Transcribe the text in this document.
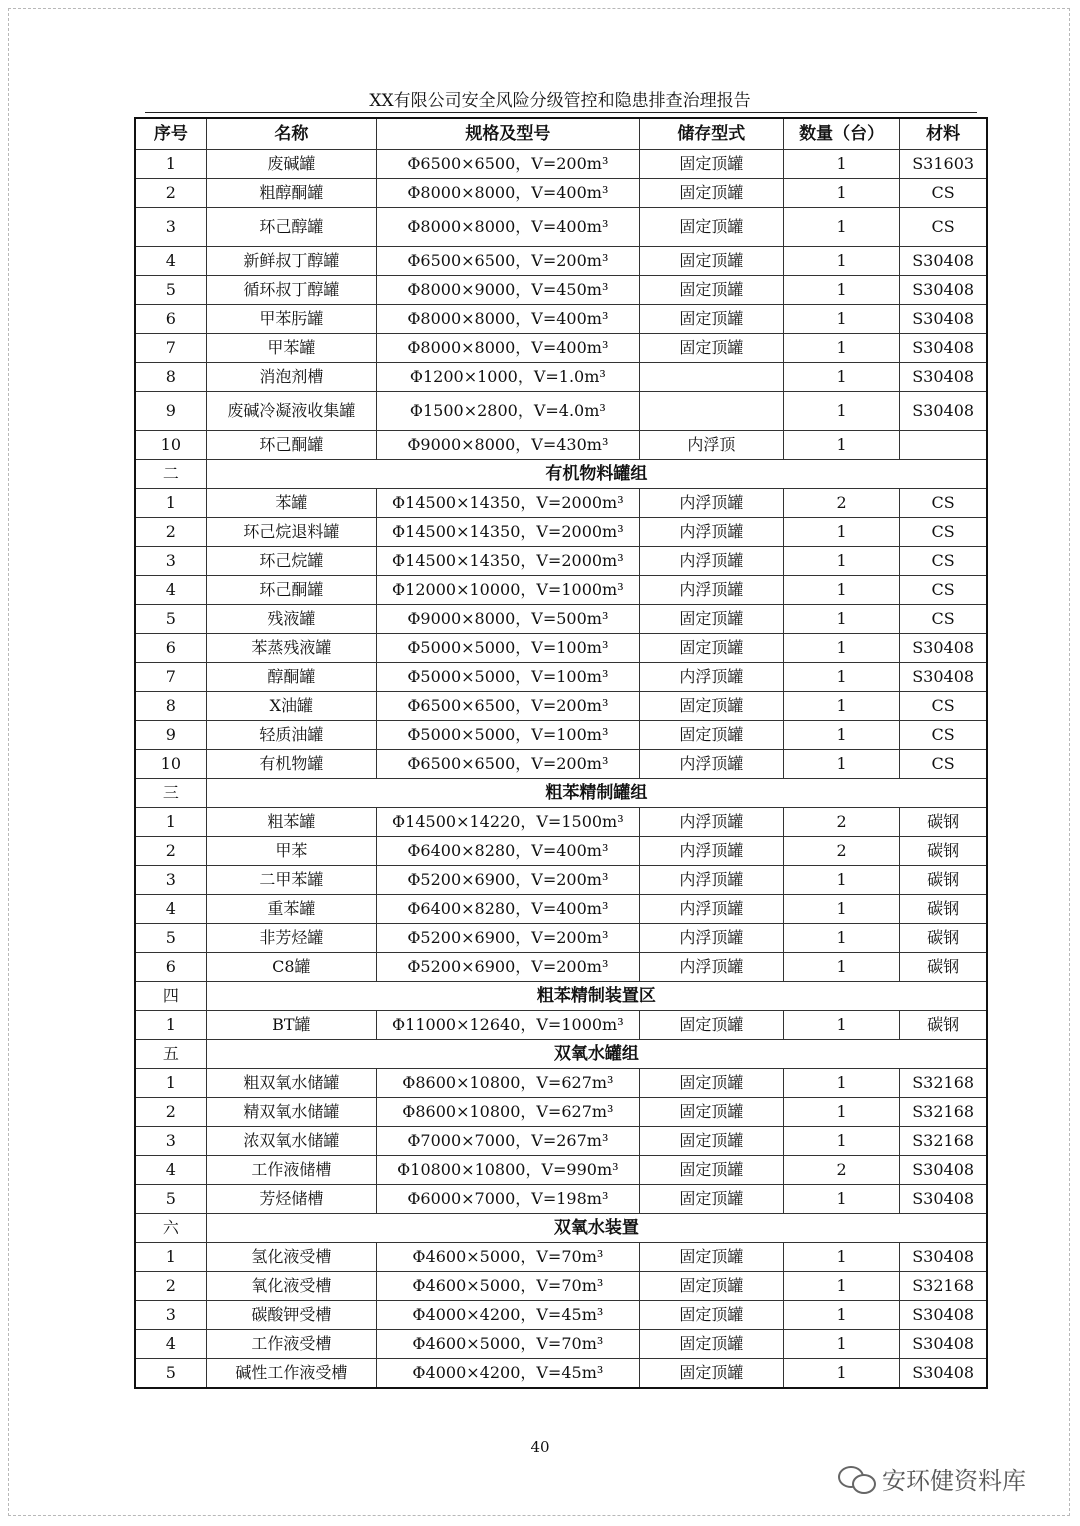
XX有限公司安全风险分级管控和隐患排查治理报告
序号	名称	规格及型号	储存型式	数量（台）	材料
1	废碱罐	Φ6500×6500，V=200m³	固定顶罐	1	S31603
2	粗醇酮罐	Φ8000×8000，V=400m³	固定顶罐	1	CS
3	环己醇罐	Φ8000×8000，V=400m³	固定顶罐	1	CS
4	新鲜叔丁醇罐	Φ6500×6500，V=200m³	固定顶罐	1	S30408
5	循环叔丁醇罐	Φ8000×9000，V=450m³	固定顶罐	1	S30408
6	甲苯肟罐	Φ8000×8000，V=400m³	固定顶罐	1	S30408
7	甲苯罐	Φ8000×8000，V=400m³	固定顶罐	1	S30408
8	消泡剂槽	Φ1200×1000，V=1.0m³		1	S30408
9	废碱冷凝液收集罐	Φ1500×2800，V=4.0m³		1	S30408
10	环己酮罐	Φ9000×8000，V=430m³	内浮顶	1	
二	有机物料罐组				
1	苯罐	Φ14500×14350，V=2000m³	内浮顶罐	2	CS
2	环己烷退料罐	Φ14500×14350，V=2000m³	内浮顶罐	1	CS
3	环己烷罐	Φ14500×14350，V=2000m³	内浮顶罐	1	CS
4	环己酮罐	Φ12000×10000，V=1000m³	内浮顶罐	1	CS
5	残液罐	Φ9000×8000，V=500m³	固定顶罐	1	CS
6	苯蒸残液罐	Φ5000×5000，V=100m³	固定顶罐	1	S30408
7	醇酮罐	Φ5000×5000，V=100m³	内浮顶罐	1	S30408
8	X油罐	Φ6500×6500，V=200m³	固定顶罐	1	CS
9	轻质油罐	Φ5000×5000，V=100m³	固定顶罐	1	CS
10	有机物罐	Φ6500×6500，V=200m³	内浮顶罐	1	CS
三	粗苯精制罐组				
1	粗苯罐	Φ14500×14220，V=1500m³	内浮顶罐	2	碳钢
2	甲苯	Φ6400×8280，V=400m³	内浮顶罐	2	碳钢
3	二甲苯罐	Φ5200×6900，V=200m³	内浮顶罐	1	碳钢
4	重苯罐	Φ6400×8280，V=400m³	内浮顶罐	1	碳钢
5	非芳烃罐	Φ5200×6900，V=200m³	内浮顶罐	1	碳钢
6	C8罐	Φ5200×6900，V=200m³	内浮顶罐	1	碳钢
四	粗苯精制装置区				
1	BT罐	Φ11000×12640，V=1000m³	固定顶罐	1	碳钢
五	双氧水罐组				
1	粗双氧水储罐	Φ8600×10800，V=627m³	固定顶罐	1	S32168
2	精双氧水储罐	Φ8600×10800，V=627m³	固定顶罐	1	S32168
3	浓双氧水储罐	Φ7000×7000，V=267m³	固定顶罐	1	S32168
4	工作液储槽	Φ10800×10800，V=990m³	固定顶罐	2	S30408
5	芳烃储槽	Φ6000×7000，V=198m³	固定顶罐	1	S30408
六	双氧水装置				
1	氢化液受槽	Φ4600×5000，V=70m³	固定顶罐	1	S30408
2	氧化液受槽	Φ4600×5000，V=70m³	固定顶罐	1	S32168
3	碳酸钾受槽	Φ4000×4200，V=45m³	固定顶罐	1	S30408
4	工作液受槽	Φ4600×5000，V=70m³	固定顶罐	1	S30408
5	碱性工作液受槽	Φ4000×4200，V=45m³	固定顶罐	1	S30408
40
安环健资料库
